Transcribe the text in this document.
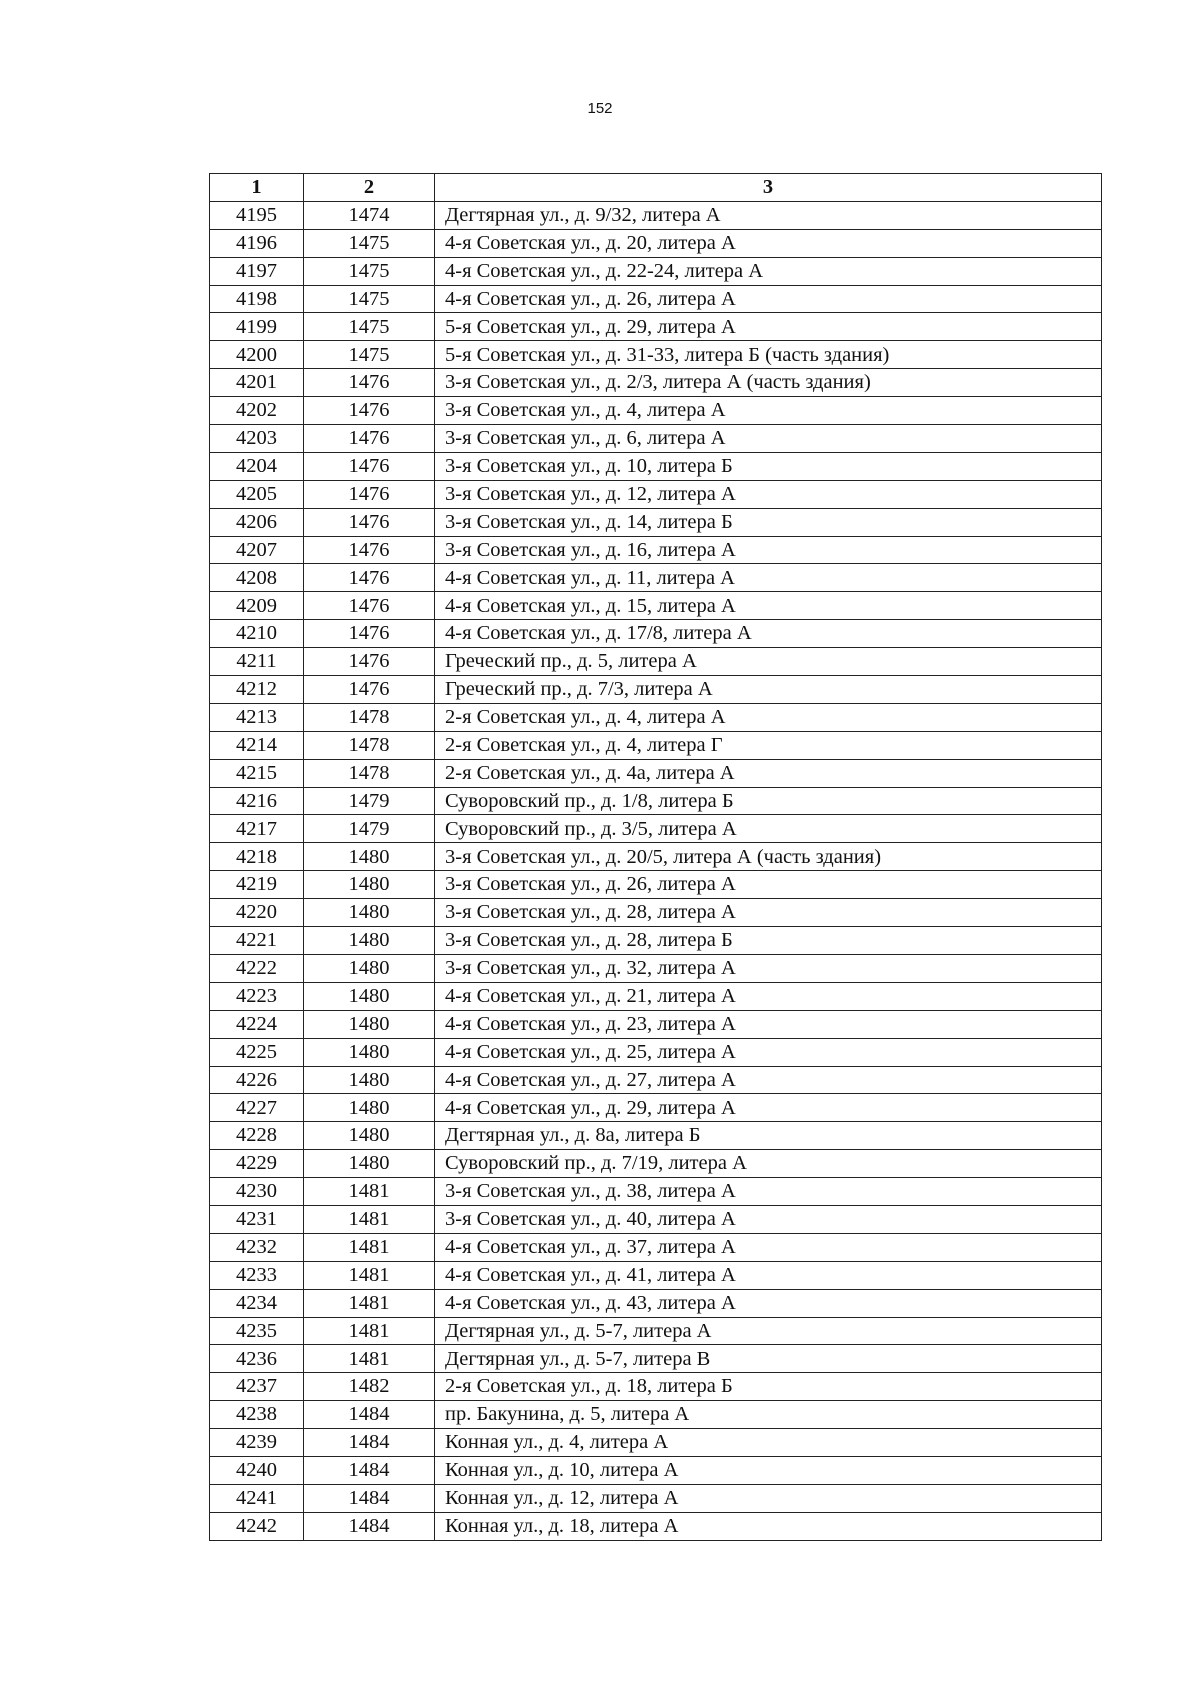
152
1	2	3
4195	1474	Дегтярная ул., д. 9/32, литера А
4196	1475	4-я Советская ул., д. 20, литера А
4197	1475	4-я Советская ул., д. 22-24, литера А
4198	1475	4-я Советская ул., д. 26, литера А
4199	1475	5-я Советская ул., д. 29, литера А
4200	1475	5-я Советская ул., д. 31-33, литера Б (часть здания)
4201	1476	3-я Советская ул., д. 2/3, литера А (часть здания)
4202	1476	3-я Советская ул., д. 4, литера А
4203	1476	3-я Советская ул., д. 6, литера А
4204	1476	3-я Советская ул., д. 10, литера Б
4205	1476	3-я Советская ул., д. 12, литера А
4206	1476	3-я Советская ул., д. 14, литера Б
4207	1476	3-я Советская ул., д. 16, литера А
4208	1476	4-я Советская ул., д. 11, литера А
4209	1476	4-я Советская ул., д. 15, литера А
4210	1476	4-я Советская ул., д. 17/8, литера А
4211	1476	Греческий пр., д. 5, литера А
4212	1476	Греческий пр., д. 7/3, литера А
4213	1478	2-я Советская ул., д. 4, литера А
4214	1478	2-я Советская ул., д. 4, литера Г
4215	1478	2-я Советская ул., д. 4а, литера А
4216	1479	Суворовский пр., д. 1/8, литера Б
4217	1479	Суворовский пр., д. 3/5, литера А
4218	1480	3-я Советская ул., д. 20/5, литера А (часть здания)
4219	1480	3-я Советская ул., д. 26, литера А
4220	1480	3-я Советская ул., д. 28, литера А
4221	1480	3-я Советская ул., д. 28, литера Б
4222	1480	3-я Советская ул., д. 32, литера А
4223	1480	4-я Советская ул., д. 21, литера А
4224	1480	4-я Советская ул., д. 23, литера А
4225	1480	4-я Советская ул., д. 25, литера А
4226	1480	4-я Советская ул., д. 27, литера А
4227	1480	4-я Советская ул., д. 29, литера А
4228	1480	Дегтярная ул., д. 8а, литера Б
4229	1480	Суворовский пр., д. 7/19, литера А
4230	1481	3-я Советская ул., д. 38, литера А
4231	1481	3-я Советская ул., д. 40, литера А
4232	1481	4-я Советская ул., д. 37, литера А
4233	1481	4-я Советская ул., д. 41, литера А
4234	1481	4-я Советская ул., д. 43, литера А
4235	1481	Дегтярная ул., д. 5-7, литера А
4236	1481	Дегтярная ул., д. 5-7, литера В
4237	1482	2-я Советская ул., д. 18, литера Б
4238	1484	пр. Бакунина, д. 5, литера А
4239	1484	Конная ул., д. 4, литера А
4240	1484	Конная ул., д. 10, литера А
4241	1484	Конная ул., д. 12, литера А
4242	1484	Конная ул., д. 18, литера А
